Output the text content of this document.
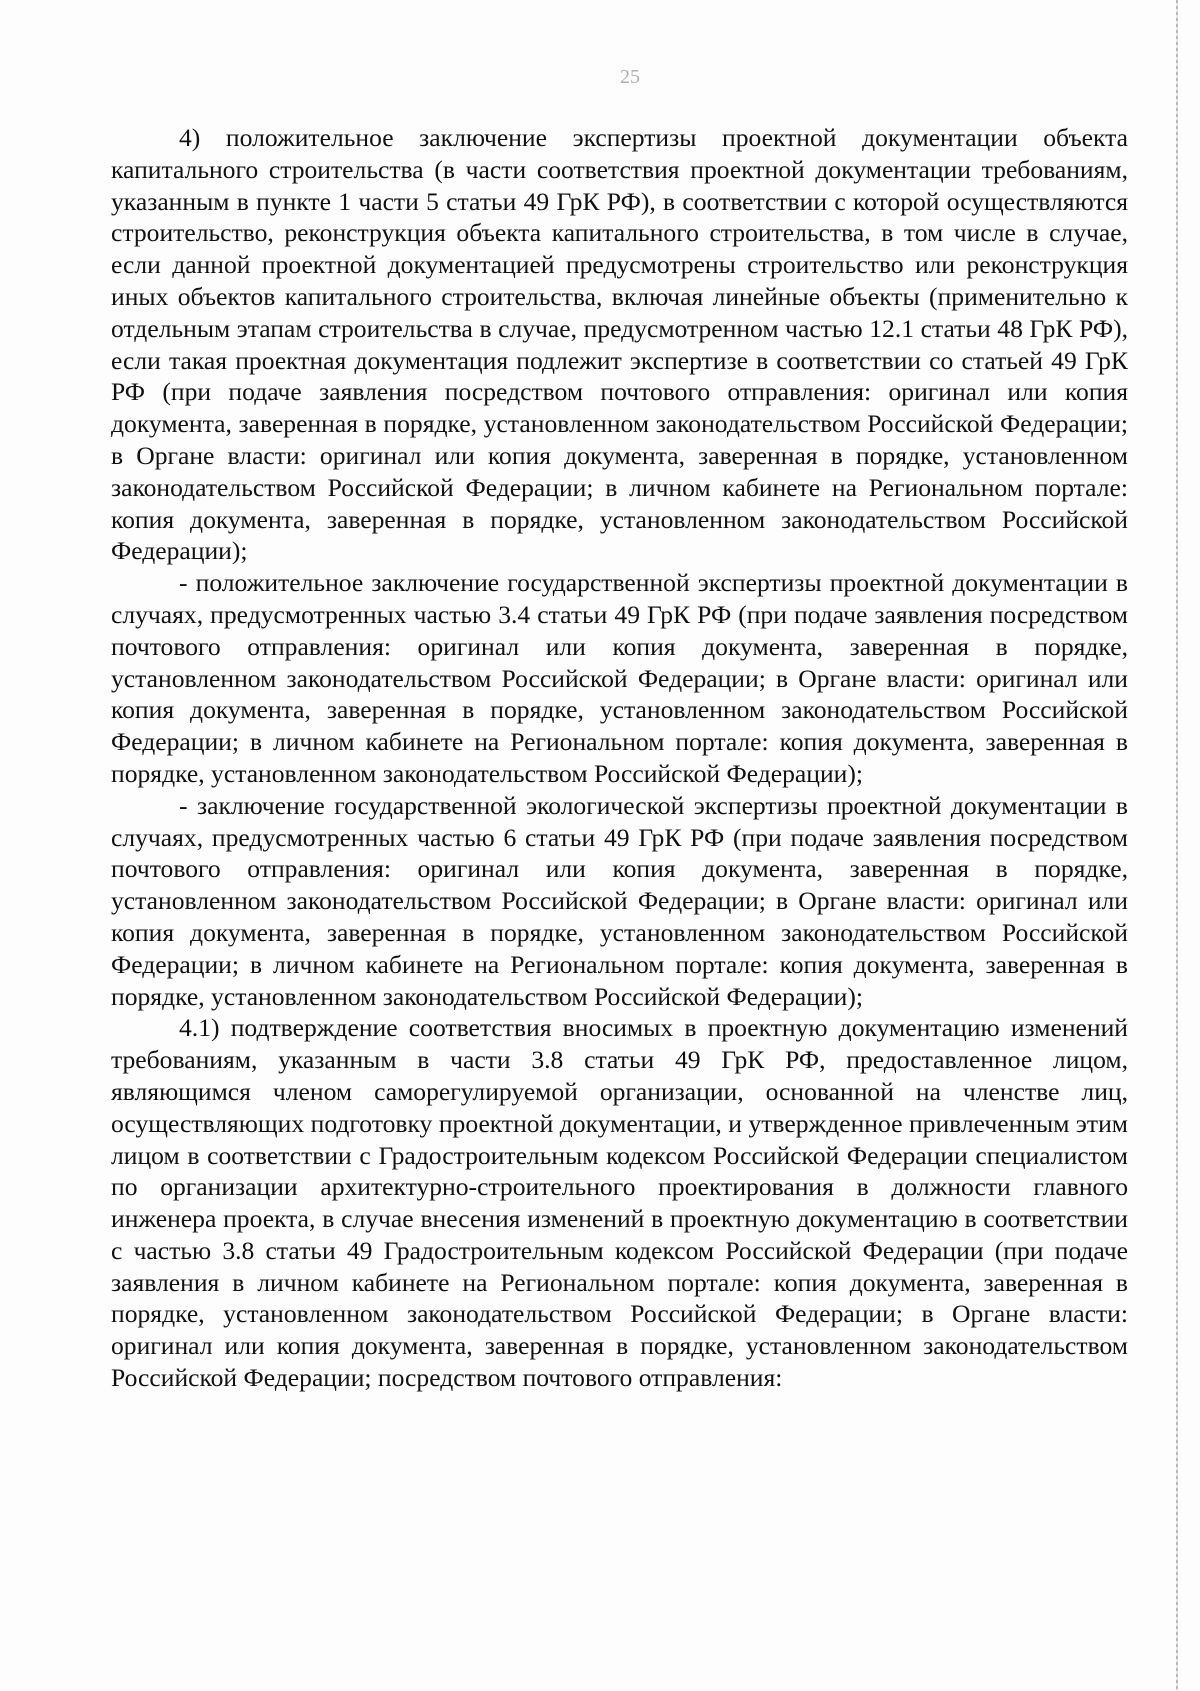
25

4) положительное заключение экспертизы проектной документации объекта капитального строительства (в части соответствия проектной документации требованиям, указанным в пункте 1 части 5 статьи 49 ГрК РФ), в соответствии с которой осуществляются строительство, реконструкция объекта капитального строительства, в том числе в случае, если данной проектной документацией предусмотрены строительство или реконструкция иных объектов капитального строительства, включая линейные объекты (применительно к отдельным этапам строительства в случае, предусмотренном частью 12.1 статьи 48 ГрК РФ), если такая проектная документация подлежит экспертизе в соответствии со статьей 49 ГрК РФ (при подаче заявления посредством почтового отправления: оригинал или копия документа, заверенная в порядке, установленном законодательством Российской Федерации; в Органе власти: оригинал или копия документа, заверенная в порядке, установленном законодательством Российской Федерации; в личном кабинете на Региональном портале: копия документа, заверенная в порядке, установленном законодательством Российской Федерации);

- положительное заключение государственной экспертизы проектной документации в случаях, предусмотренных частью 3.4 статьи 49 ГрК РФ (при подаче заявления посредством почтового отправления: оригинал или копия документа, заверенная в порядке, установленном законодательством Российской Федерации; в Органе власти: оригинал или копия документа, заверенная в порядке, установленном законодательством Российской Федерации; в личном кабинете на Региональном портале: копия документа, заверенная в порядке, установленном законодательством Российской Федерации);

- заключение государственной экологической экспертизы проектной документации в случаях, предусмотренных частью 6 статьи 49 ГрК РФ (при подаче заявления посредством почтового отправления: оригинал или копия документа, заверенная в порядке, установленном законодательством Российской Федерации; в Органе власти: оригинал или копия документа, заверенная в порядке, установленном законодательством Российской Федерации; в личном кабинете на Региональном портале: копия документа, заверенная в порядке, установленном законодательством Российской Федерации);

4.1) подтверждение соответствия вносимых в проектную документацию изменений требованиям, указанным в части 3.8 статьи 49 ГрК РФ, предоставленное лицом, являющимся членом саморегулируемой организации, основанной на членстве лиц, осуществляющих подготовку проектной документации, и утвержденное привлеченным этим лицом в соответствии с Градостроительным кодексом Российской Федерации специалистом по организации архитектурно-строительного проектирования в должности главного инженера проекта, в случае внесения изменений в проектную документацию в соответствии с частью 3.8 статьи 49 Градостроительным кодексом Российской Федерации (при подаче заявления в личном кабинете на Региональном портале: копия документа, заверенная в порядке, установленном законодательством Российской Федерации; в Органе власти: оригинал или копия документа, заверенная в порядке, установленном законодательством Российской Федерации; посредством почтового отправления:
